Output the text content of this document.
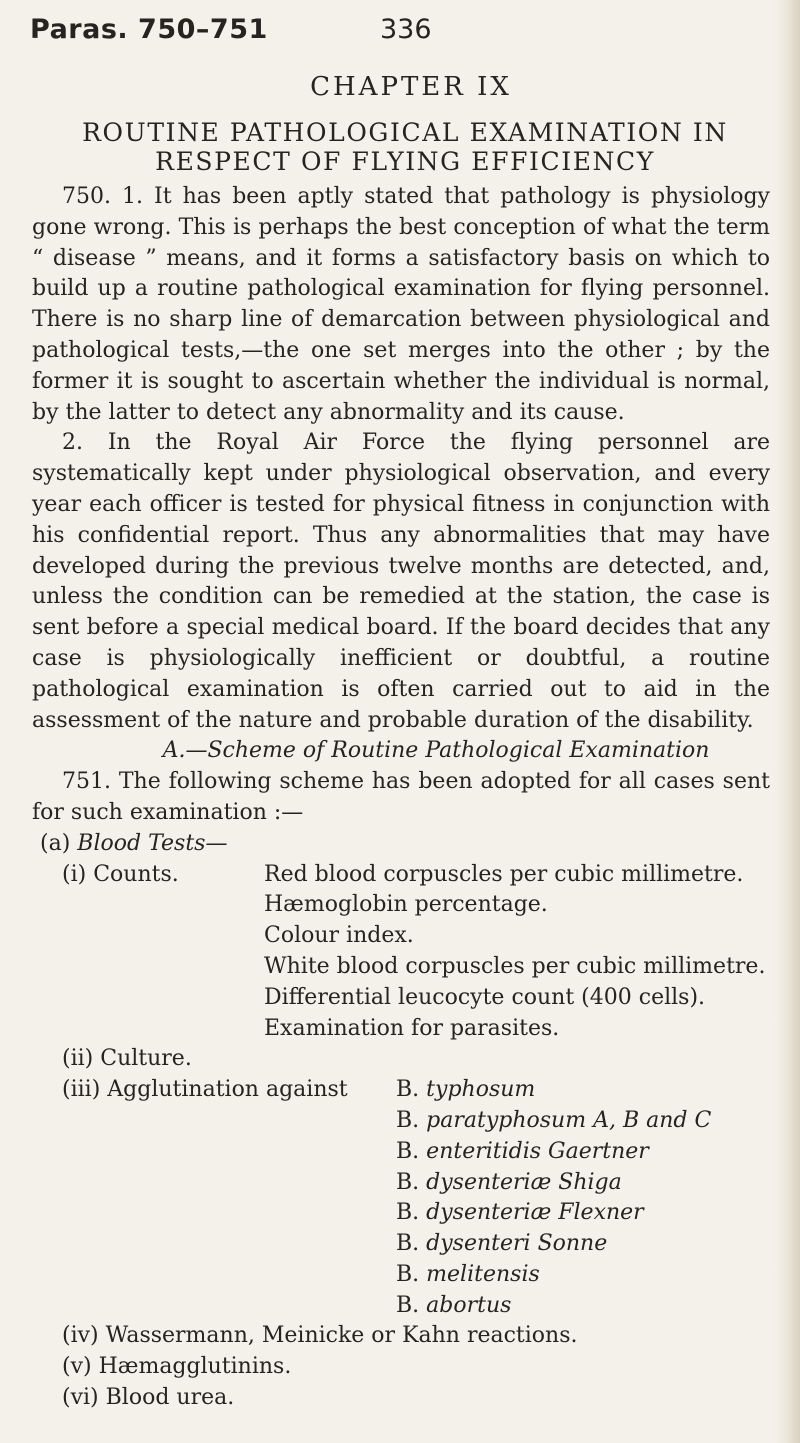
Paras. 750–751	336
CHAPTER IX
ROUTINE PATHOLOGICAL EXAMINATION IN
RESPECT OF FLYING EFFICIENCY

750. 1. It has been aptly stated that pathology is physiology gone wrong. This is perhaps the best conception of what the term “ disease ” means, and it forms a satisfactory basis on which to build up a routine pathological examination for flying personnel. There is no sharp line of demarcation between physiological and pathological tests,—the one set merges into the other ; by the former it is sought to ascertain whether the individual is normal, by the latter to detect any abnormality and its cause.

2. In the Royal Air Force the flying personnel are systematically kept under physiological observation, and every year each officer is tested for physical fitness in conjunction with his confidential report. Thus any abnormalities that may have developed during the previous twelve months are detected, and, unless the condition can be remedied at the station, the case is sent before a special medical board. If the board decides that any case is physiologically inefficient or doubtful, a routine pathological examination is often carried out to aid in the assessment of the nature and probable duration of the disability.

A.—Scheme of Routine Pathological Examination

751. The following scheme has been adopted for all cases sent for such examination :—

(a) Blood Tests—
(i) Counts.	Red blood corpuscles per cubic millimetre.
Hæmoglobin percentage.
Colour index.
White blood corpuscles per cubic millimetre.
Differential leucocyte count (400 cells).
Examination for parasites.
(ii) Culture.
(iii) Agglutination against	B. typhosum
B. paratyphosum A, B and C
B. enteritidis Gaertner
B. dysenteriæ Shiga
B. dysenteriæ Flexner
B. dysenteri Sonne
B. melitensis
B. abortus
(iv) Wassermann, Meinicke or Kahn reactions.
(v) Hæmagglutinins.
(vi) Blood urea.
